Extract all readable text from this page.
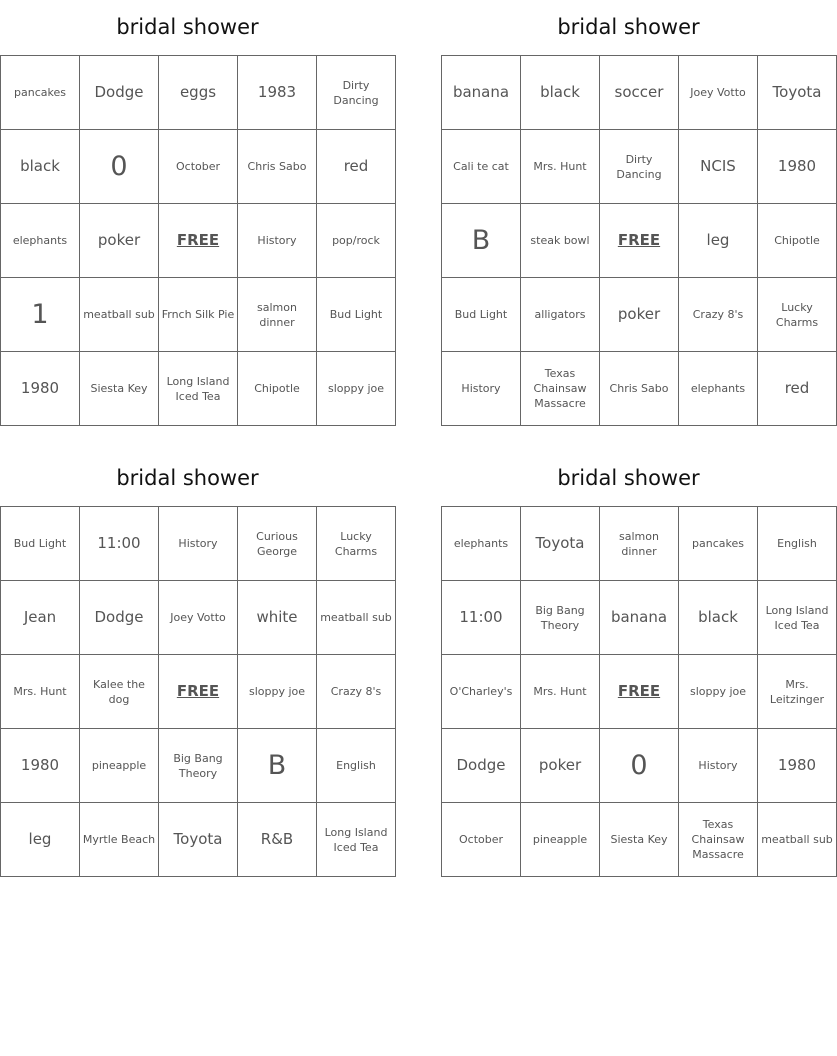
bridal shower
pancakes	Dodge	eggs	1983	Dirty Dancing
black	0	October	Chris Sabo	red
elephants	poker	FREE	History	pop/rock
1	meatball sub	Frnch Silk Pie	salmon dinner	Bud Light
1980	Siesta Key	Long Island Iced Tea	Chipotle	sloppy joe
bridal shower
banana	black	soccer	Joey Votto	Toyota
Cali te cat	Mrs. Hunt	Dirty Dancing	NCIS	1980
B	steak bowl	FREE	leg	Chipotle
Bud Light	alligators	poker	Crazy 8's	Lucky Charms
History	Texas Chainsaw Massacre	Chris Sabo	elephants	red
bridal shower
Bud Light	11:00	History	Curious George	Lucky Charms
Jean	Dodge	Joey Votto	white	meatball sub
Mrs. Hunt	Kalee the dog	FREE	sloppy joe	Crazy 8's
1980	pineapple	Big Bang Theory	B	English
leg	Myrtle Beach	Toyota	R&B	Long Island Iced Tea
bridal shower
elephants	Toyota	salmon dinner	pancakes	English
11:00	Big Bang Theory	banana	black	Long Island Iced Tea
O'Charley's	Mrs. Hunt	FREE	sloppy joe	Mrs. Leitzinger
Dodge	poker	0	History	1980
October	pineapple	Siesta Key	Texas Chainsaw Massacre	meatball sub
